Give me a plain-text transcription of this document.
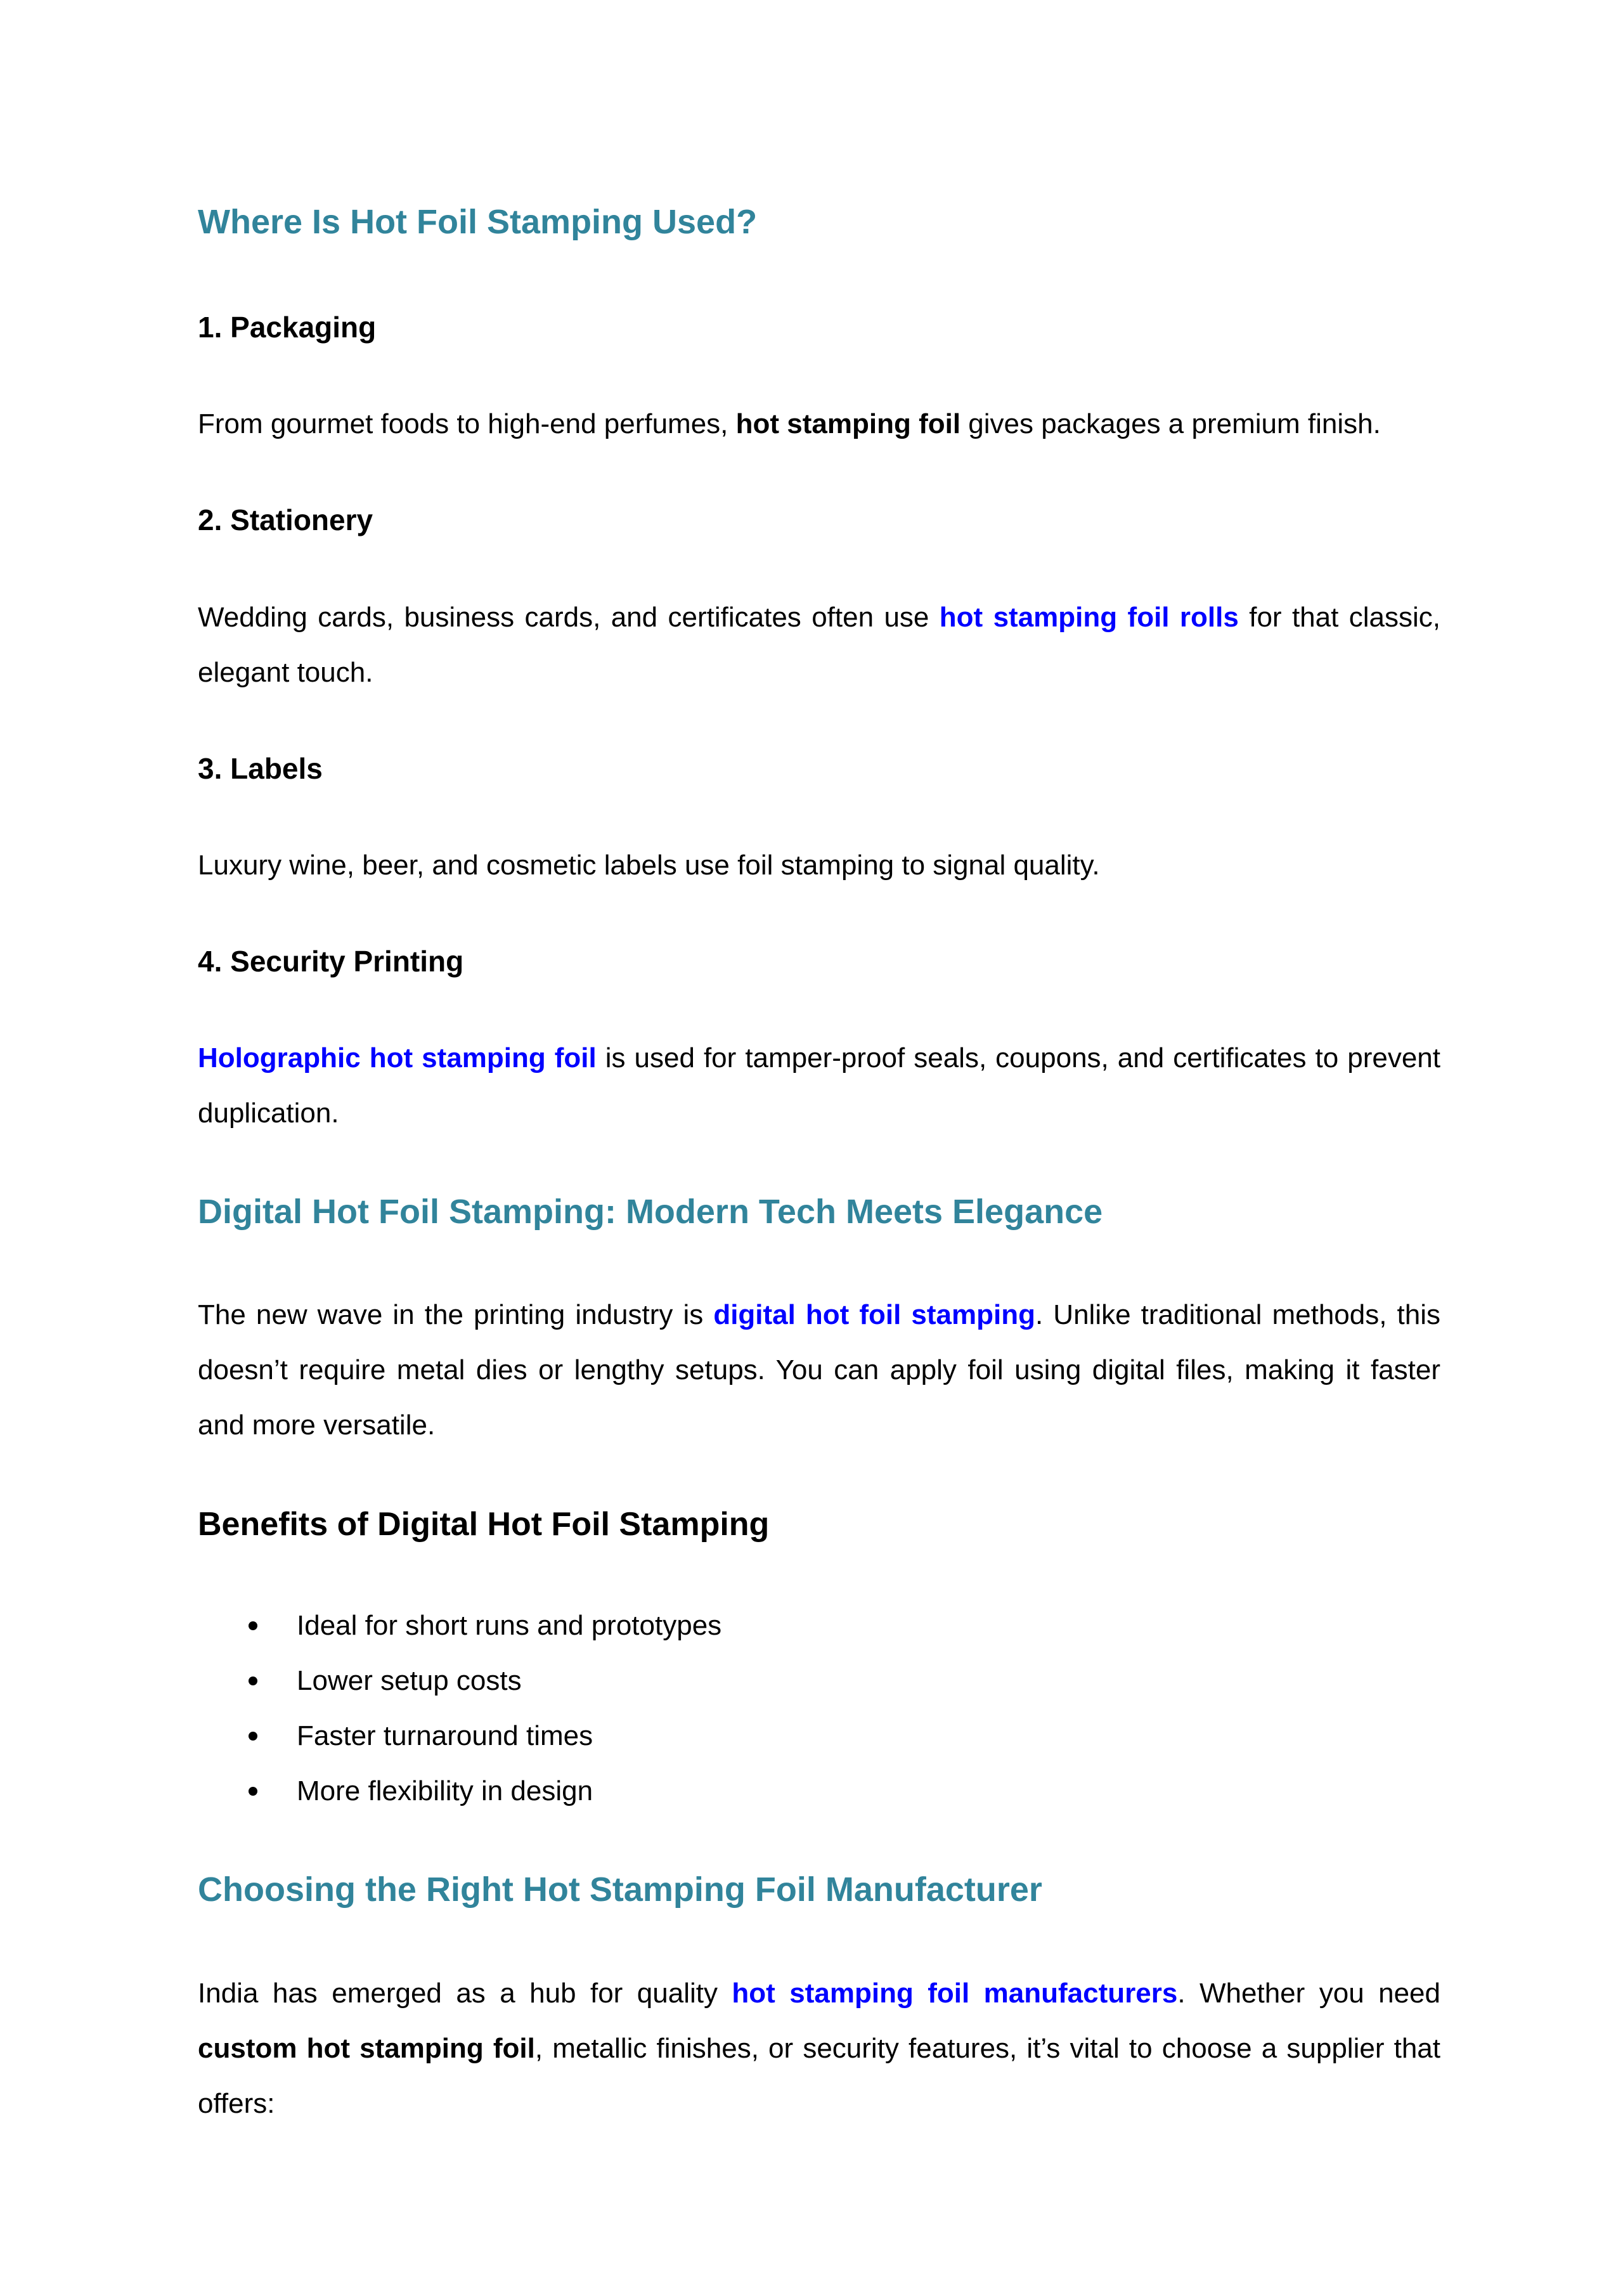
Where Is Hot Foil Stamping Used?
1. Packaging

From gourmet foods to high-end perfumes, hot stamping foil gives packages a premium finish.

2. Stationery

Wedding cards, business cards, and certificates often use hot stamping foil rolls for that classic, elegant touch.

3. Labels

Luxury wine, beer, and cosmetic labels use foil stamping to signal quality.

4. Security Printing

Holographic hot stamping foil is used for tamper-proof seals, coupons, and certificates to prevent duplication.

Digital Hot Foil Stamping: Modern Tech Meets Elegance

The new wave in the printing industry is digital hot foil stamping. Unlike traditional methods, this doesn’t require metal dies or lengthy setups. You can apply foil using digital files, making it faster and more versatile.

Benefits of Digital Hot Foil Stamping
Ideal for short runs and prototypes
Lower setup costs
Faster turnaround times
More flexibility in design
Choosing the Right Hot Stamping Foil Manufacturer

India has emerged as a hub for quality hot stamping foil manufacturers. Whether you need custom hot stamping foil, metallic finishes, or security features, it’s vital to choose a supplier that offers:
